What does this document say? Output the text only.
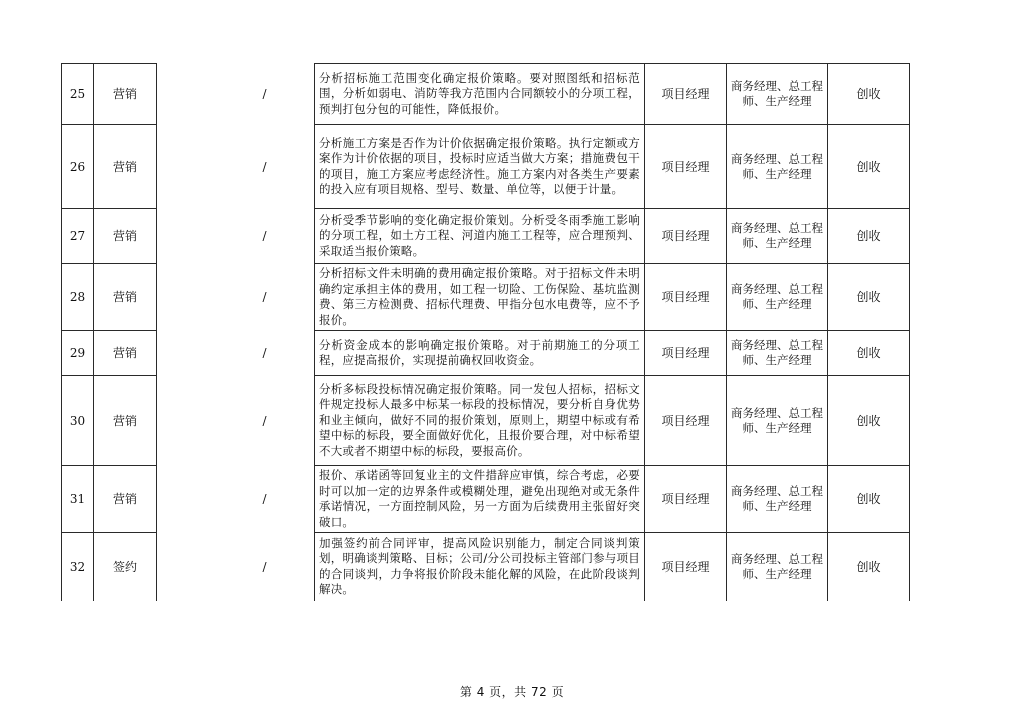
25	营销		/		分析招标施工范围变化确定报价策略。要对照图纸和招标范围，分析如弱电、消防等我方范围内合同额较小的分项工程，预判打包分包的可能性，降低报价。	项目经理	商务经理、总工程师、生产经理	创收
26	营销		/		分析施工方案是否作为计价依据确定报价策略。执行定额或方案作为计价依据的项目，投标时应适当做大方案；措施费包干的项目，施工方案应考虑经济性。施工方案内对各类生产要素的投入应有项目规格、型号、数量、单位等，以便于计量。	项目经理	商务经理、总工程师、生产经理	创收
27	营销		/		分析受季节影响的变化确定报价策划。分析受冬雨季施工影响的分项工程，如土方工程、河道内施工工程等，应合理预判、采取适当报价策略。	项目经理	商务经理、总工程师、生产经理	创收
28	营销		/		分析招标文件未明确的费用确定报价策略。对于招标文件未明确约定承担主体的费用，如工程一切险、工伤保险、基坑监测费、第三方检测费、招标代理费、甲指分包水电费等，应不予报价。	项目经理	商务经理、总工程师、生产经理	创收
29	营销		/		分析资金成本的影响确定报价策略。对于前期施工的分项工程，应提高报价，实现提前确权回收资金。	项目经理	商务经理、总工程师、生产经理	创收
30	营销		/		分析多标段投标情况确定报价策略。同一发包人招标，招标文件规定投标人最多中标某一标段的投标情况，要分析自身优势和业主倾向，做好不同的报价策划，原则上，期望中标或有希望中标的标段，要全面做好优化，且报价要合理，对中标希望不大或者不期望中标的标段，要报高价。	项目经理	商务经理、总工程师、生产经理	创收
31	营销		/		报价、承诺函等回复业主的文件措辞应审慎，综合考虑，必要时可以加一定的边界条件或模糊处理，避免出现绝对或无条件承诺情况，一方面控制风险，另一方面为后续费用主张留好突破口。	项目经理	商务经理、总工程师、生产经理	创收
32	签约		/		加强签约前合同评审，提高风险识别能力，制定合同谈判策划，明确谈判策略、目标；公司/分公司投标主管部门参与项目的合同谈判，力争将报价阶段未能化解的风险，在此阶段谈判解决。	项目经理	商务经理、总工程师、生产经理	创收
第 4 页，共 72 页
